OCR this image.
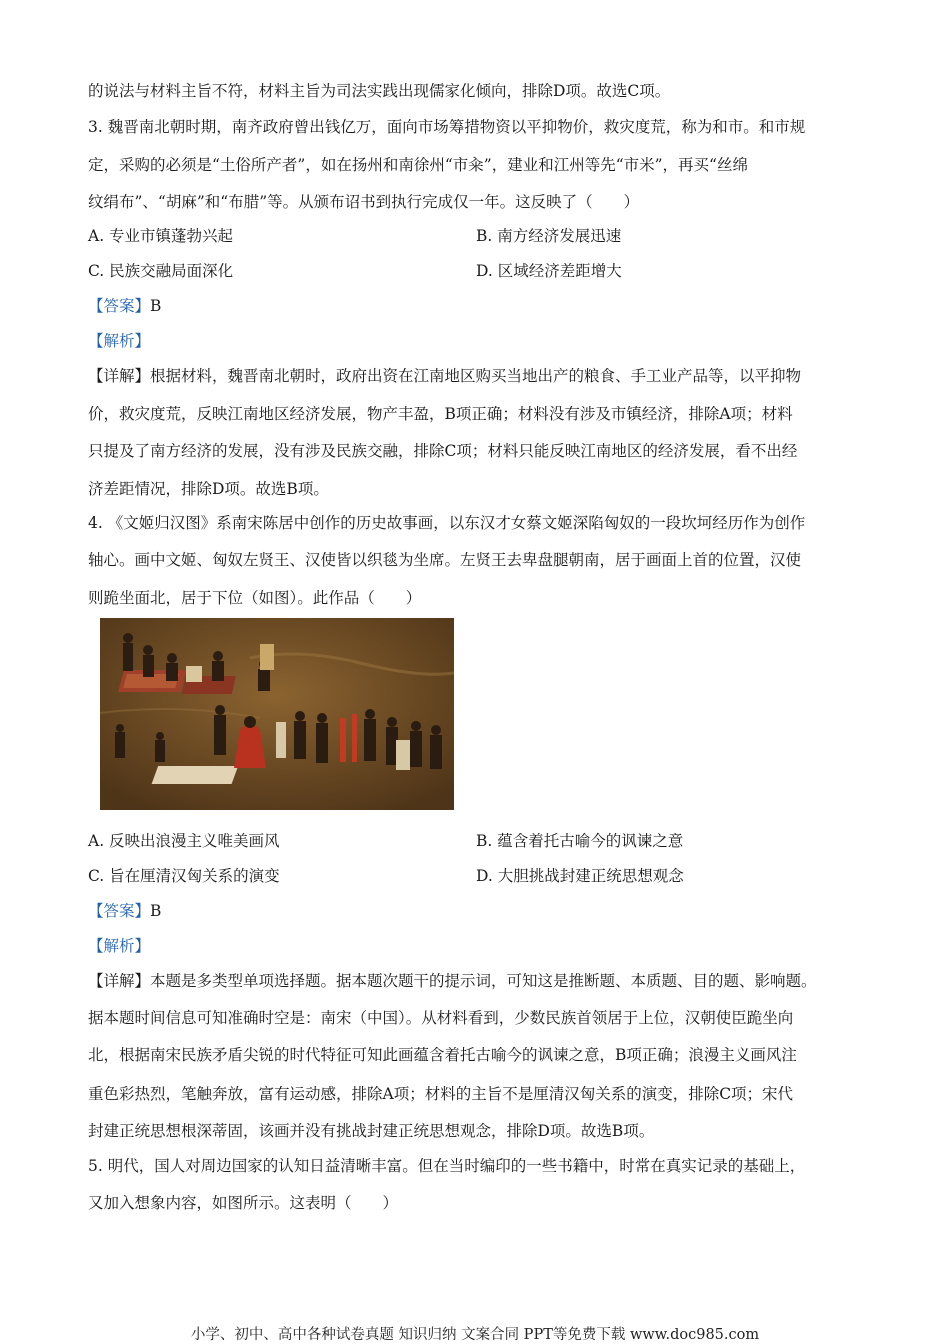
的说法与材料主旨不符，材料主旨为司法实践出现儒家化倾向，排除D项。故选C项。
3. 魏晋南北朝时期，南齐政府曾出钱亿万，面向市场筹措物资以平抑物价，救灾度荒，称为和市。和市规
定，采购的必须是“土俗所产者”，如在扬州和南徐州“市籴”，建业和江州等先“市米”，再买“丝绵
纹绢布”、“胡麻”和“布腊”等。从颁布诏书到执行完成仅一年。这反映了（　　）
A. 专业市镇蓬勃兴起	B. 南方经济发展迅速
C. 民族交融局面深化	D. 区域经济差距增大
【答案】B
【解析】
【详解】根据材料，魏晋南北朝时，政府出资在江南地区购买当地出产的粮食、手工业产品等，以平抑物
价，救灾度荒，反映江南地区经济发展，物产丰盈，B项正确；材料没有涉及市镇经济，排除A项；材料
只提及了南方经济的发展，没有涉及民族交融，排除C项；材料只能反映江南地区的经济发展，看不出经
济差距情况，排除D项。故选B项。
4. 《文姬归汉图》系南宋陈居中创作的历史故事画，以东汉才女蔡文姬深陷匈奴的一段坎坷经历作为创作
轴心。画中文姬、匈奴左贤王、汉使皆以织毯为坐席。左贤王去卑盘腿朝南，居于画面上首的位置，汉使
则跪坐面北，居于下位（如图）。此作品（　　）
A. 反映出浪漫主义唯美画风	B. 蕴含着托古喻今的讽谏之意
C. 旨在厘清汉匈关系的演变	D. 大胆挑战封建正统思想观念
【答案】B
【解析】
【详解】本题是多类型单项选择题。据本题次题干的提示词，可知这是推断题、本质题、目的题、影响题。
据本题时间信息可知准确时空是：南宋（中国）。从材料看到，少数民族首领居于上位，汉朝使臣跪坐向
北，根据南宋民族矛盾尖锐的时代特征可知此画蕴含着托古喻今的讽谏之意，B项正确；浪漫主义画风注
重色彩热烈，笔触奔放，富有运动感，排除A项；材料的主旨不是厘清汉匈关系的演变，排除C项；宋代
封建正统思想根深蒂固，该画并没有挑战封建正统思想观念，排除D项。故选B项。
5. 明代，国人对周边国家的认知日益清晰丰富。但在当时编印的一些书籍中，时常在真实记录的基础上，
又加入想象内容，如图所示。这表明（　　）
小学、初中、高中各种试卷真题 知识归纳 文案合同 PPT等免费下载 www.doc985.com
